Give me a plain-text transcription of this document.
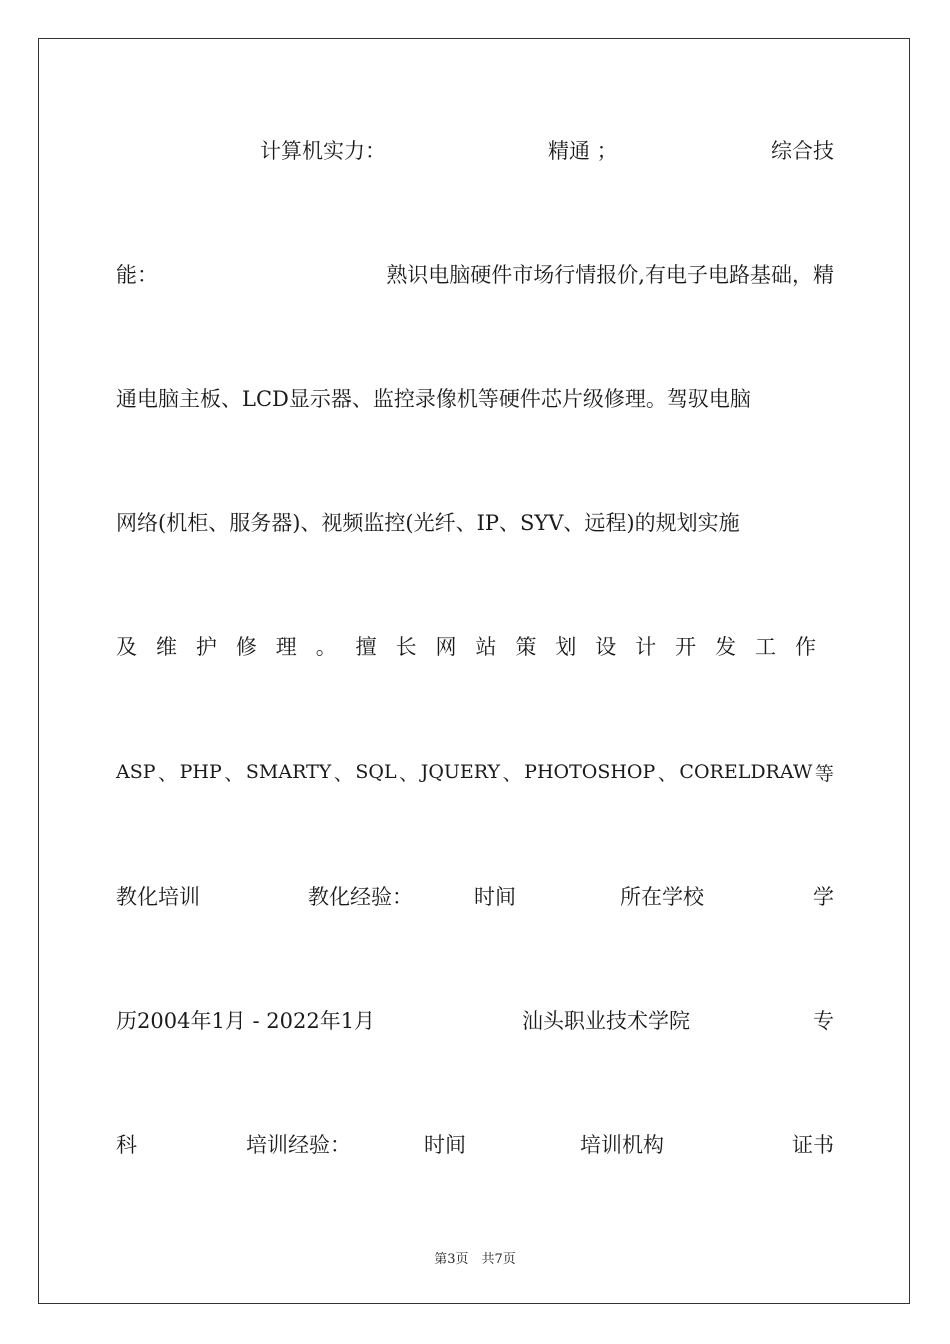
计算机实力：	精通 ；	综合技
能：	熟识电脑硬件市场行情报价,有电子电路基础，精
通电脑主板、LCD显示器、监控录像机等硬件芯片级修理。驾驭电脑
网络(机柜、服务器)、视频监控(光纤、IP、SYV、远程)的规划实施
及 维 护 修 理 。 擅 长 网 站 策 划 设 计 开 发 工 作
ASP 、 PHP 、 SMARTY 、 SQL 、 JQUERY 、 PHOTOSHOP 、 CORELDRAW 等
教化培训	教化经验：	时间	所在学校	学
历2004年1月 - 2022年1月	汕头职业技术学院	专
科	培训经验：	时间	培训机构	证书
第3页　共7页
